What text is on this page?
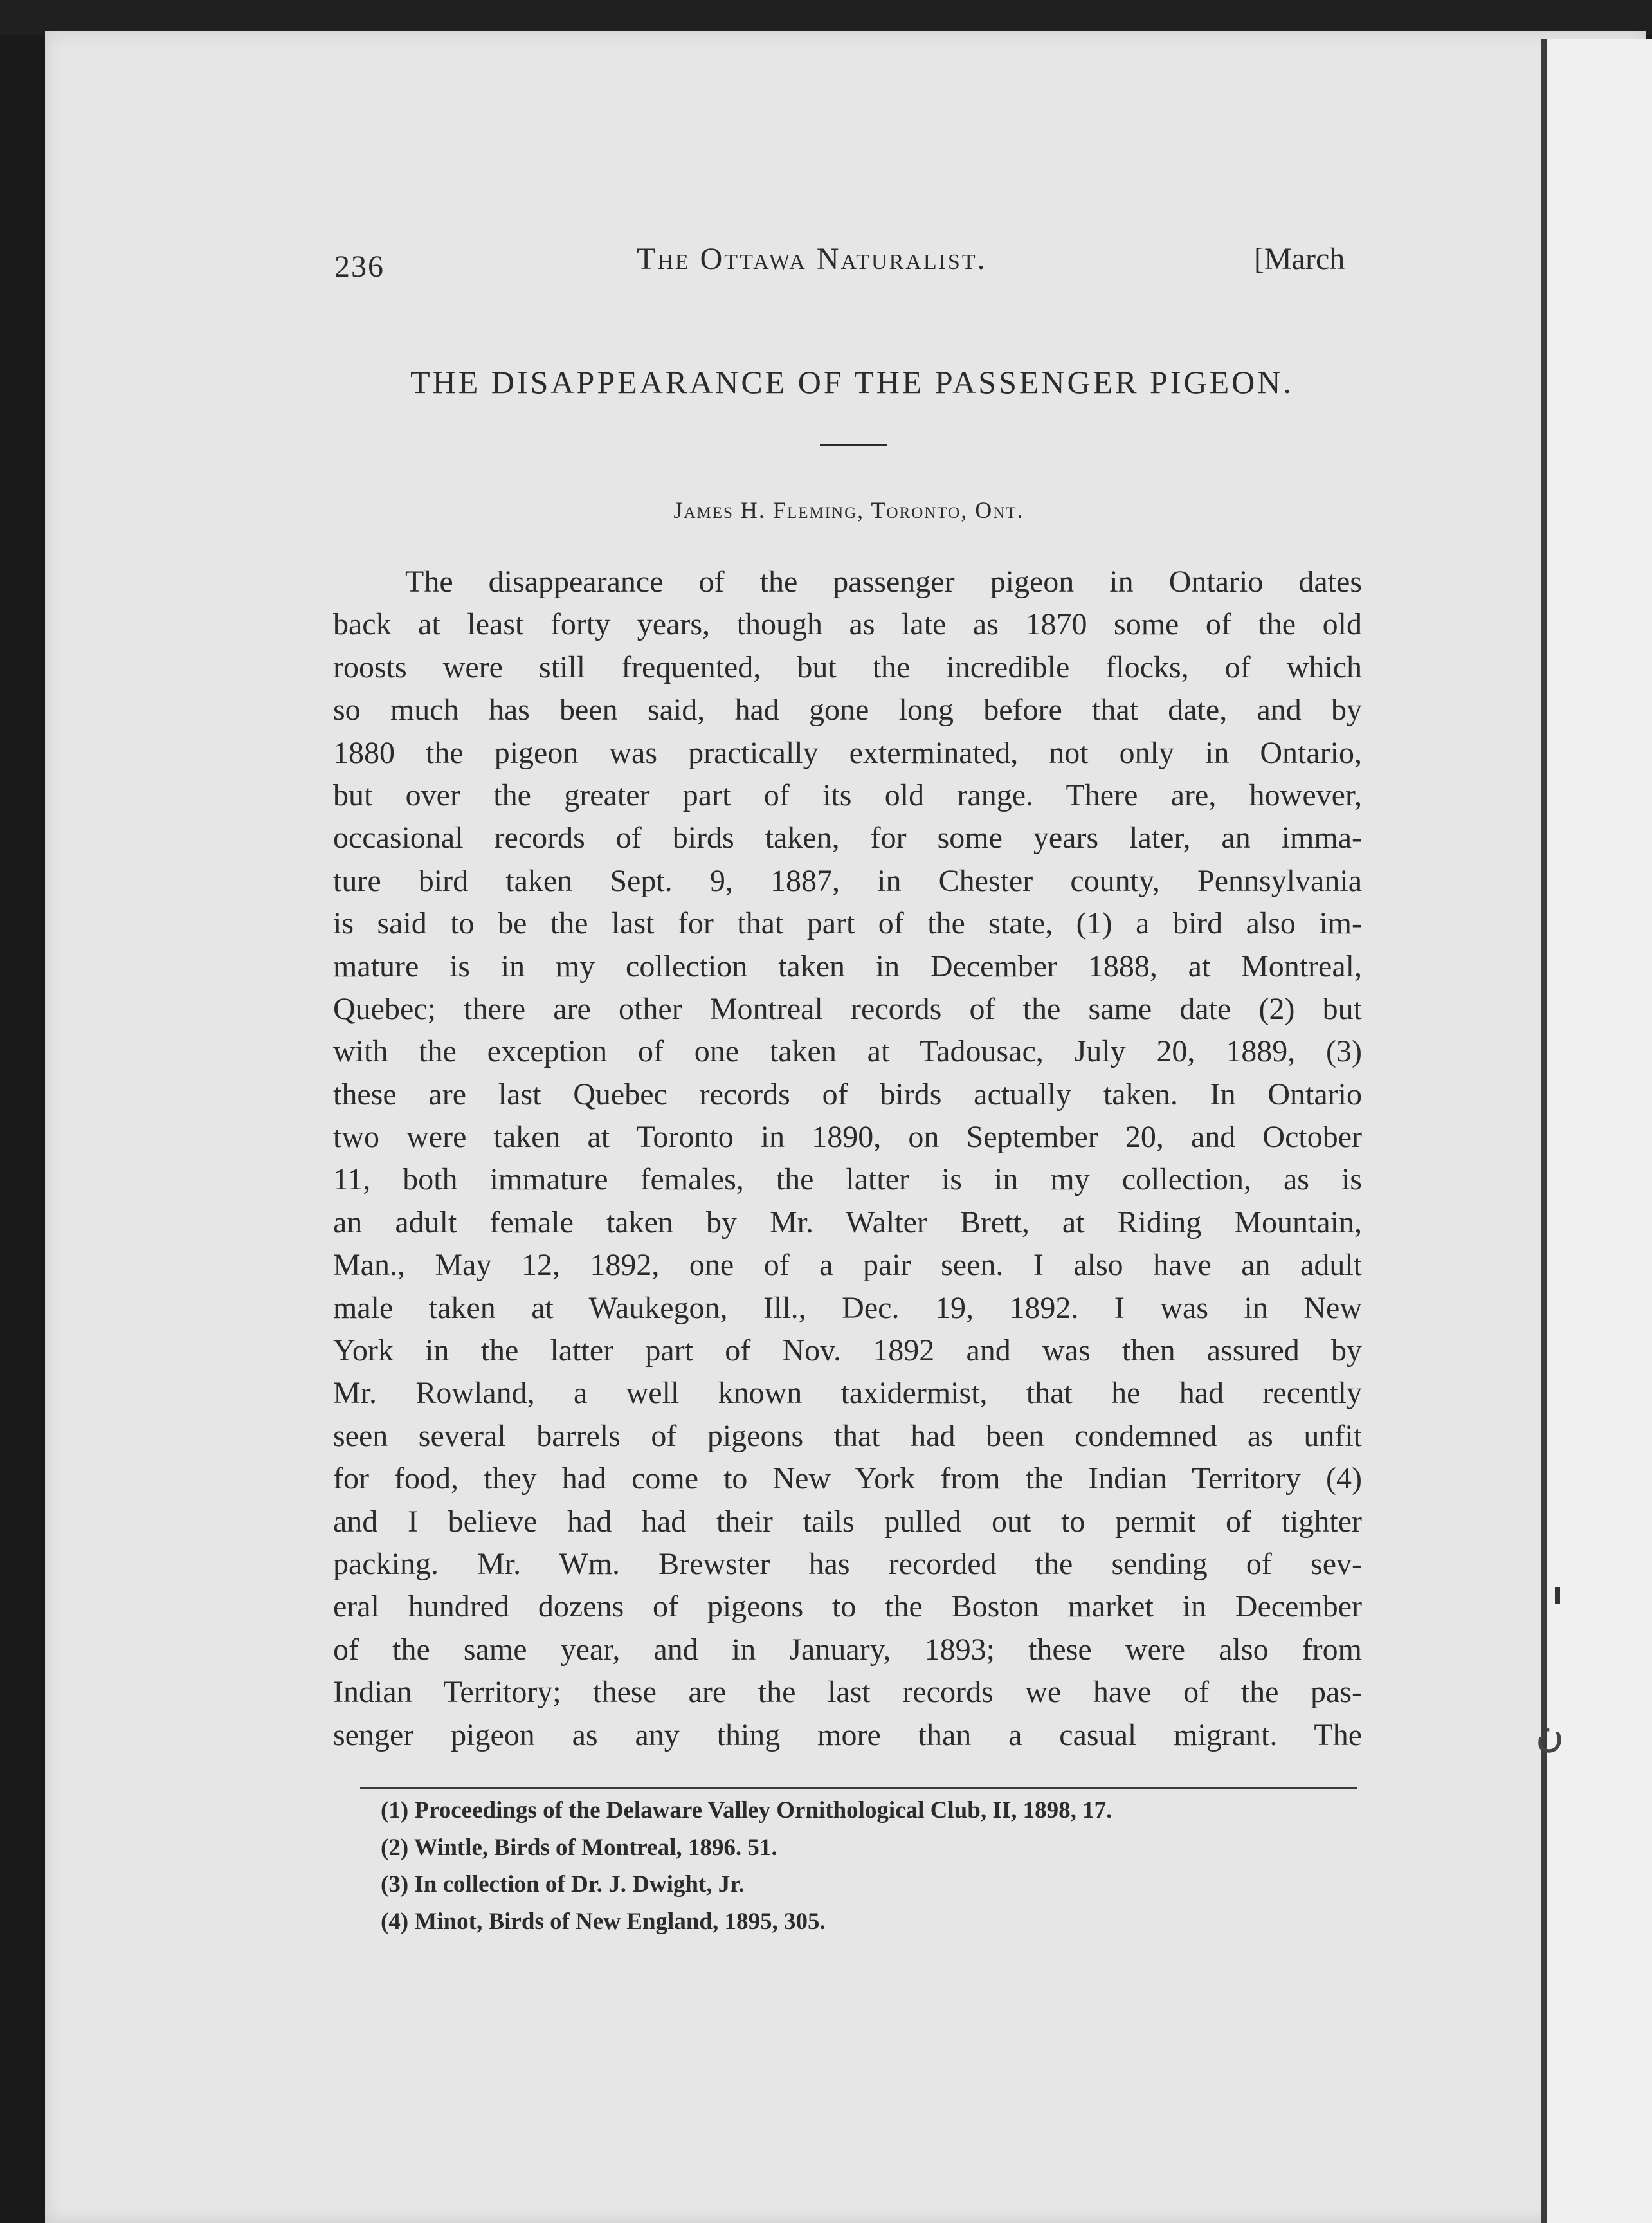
ن
236	The Ottawa Naturalist.	[March
THE DISAPPEARANCE OF THE PASSENGER PIGEON.
James H. Fleming, Toronto, Ont.
The disappearance of the passenger pigeon in Ontario dates
back at least forty years, though as late as 1870 some of the old
roosts were still frequented, but the incredible flocks, of which
so much has been said, had gone long before that date, and by
1880 the pigeon was practically exterminated, not only in Ontario,
but over the greater part of its old range. There are, however,
occasional records of birds taken, for some years later, an imma-
ture bird taken Sept. 9, 1887, in Chester county, Pennsylvania
is said to be the last for that part of the state, (1) a bird also im-
mature is in my collection taken in December 1888, at Montreal,
Quebec; there are other Montreal records of the same date (2) but
with the exception of one taken at Tadousac, July 20, 1889, (3)
these are last Quebec records of birds actually taken. In Ontario
two were taken at Toronto in 1890, on September 20, and October
11, both immature females, the latter is in my collection, as is
an adult female taken by Mr. Walter Brett, at Riding Mountain,
Man., May 12, 1892, one of a pair seen. I also have an adult
male taken at Waukegon, Ill., Dec. 19, 1892. I was in New
York in the latter part of Nov. 1892 and was then assured by
Mr. Rowland, a well known taxidermist, that he had recently
seen several barrels of pigeons that had been condemned as unfit
for food, they had come to New York from the Indian Territory (4)
and I believe had had their tails pulled out to permit of tighter
packing. Mr. Wm. Brewster has recorded the sending of sev-
eral hundred dozens of pigeons to the Boston market in December
of the same year, and in January, 1893; these were also from
Indian Territory; these are the last records we have of the pas-
senger pigeon as any thing more than a casual migrant. The
(1) Proceedings of the Delaware Valley Ornithological Club, II, 1898, 17.
(2) Wintle, Birds of Montreal, 1896. 51.
(3) In collection of Dr. J. Dwight, Jr.
(4) Minot, Birds of New England, 1895, 305.
